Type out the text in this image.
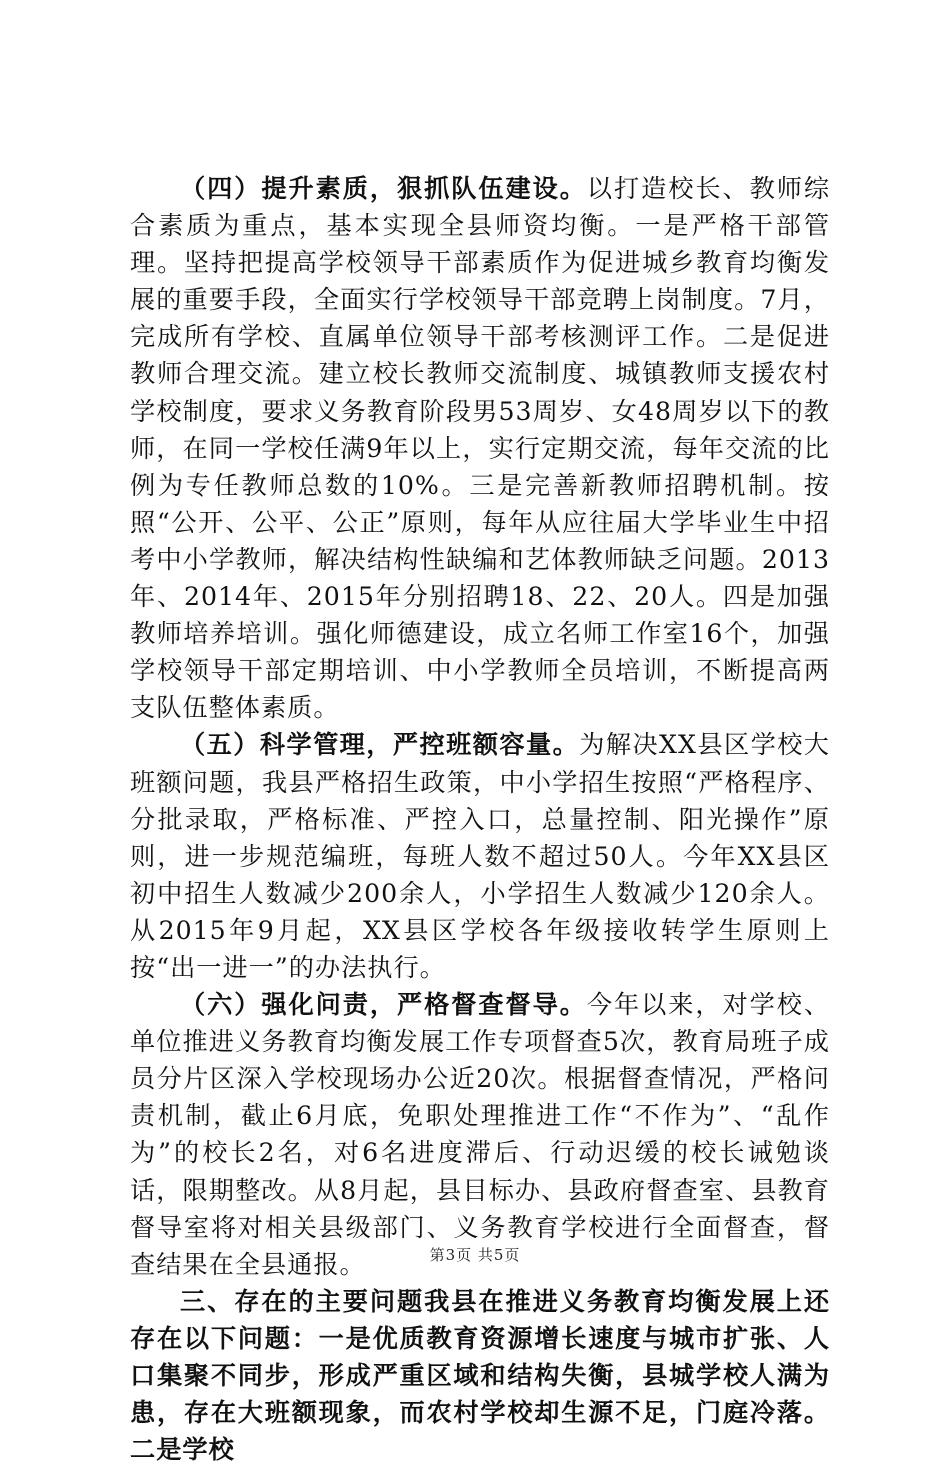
（四）提升素质，狠抓队伍建设。以打造校长、教师综合素质为重点，基本实现全县师资均衡。一是严格干部管理。坚持把提高学校领导干部素质作为促进城乡教育均衡发展的重要手段，全面实行学校领导干部竞聘上岗制度。7月，完成所有学校、直属单位领导干部考核测评工作。二是促进教师合理交流。建立校长教师交流制度、城镇教师支援农村学校制度，要求义务教育阶段男53周岁、女48周岁以下的教师，在同一学校任满9年以上，实行定期交流，每年交流的比例为专任教师总数的10%。三是完善新教师招聘机制。按照“公开、公平、公正”原则，每年从应往届大学毕业生中招考中小学教师，解决结构性缺编和艺体教师缺乏问题。2013年、2014年、2015年分别招聘18、22、20人。四是加强教师培养培训。强化师德建设，成立名师工作室16个，加强学校领导干部定期培训、中小学教师全员培训，不断提高两支队伍整体素质。

（五）科学管理，严控班额容量。为解决XX县区学校大班额问题，我县严格招生政策，中小学招生按照“严格程序、分批录取，严格标准、严控入口，总量控制、阳光操作”原则，进一步规范编班，每班人数不超过50人。今年XX县区初中招生人数减少200余人，小学招生人数减少120余人。从2015年9月起，XX县区学校各年级接收转学生原则上按“出一进一”的办法执行。

（六）强化问责，严格督查督导。今年以来，对学校、单位推进义务教育均衡发展工作专项督查5次，教育局班子成员分片区深入学校现场办公近20次。根据督查情况，严格问责机制，截止6月底，免职处理推进工作“不作为”、“乱作为”的校长2名，对6名进度滞后、行动迟缓的校长诫勉谈话，限期整改。从8月起，县目标办、县政府督查室、县教育督导室将对相关县级部门、义务教育学校进行全面督查，督查结果在全县通报。

三、存在的主要问题我县在推进义务教育均衡发展上还存在以下问题：一是优质教育资源增长速度与城市扩张、人口集聚不同步，形成严重区域和结构失衡，县城学校人满为患，存在大班额现象，而农村学校却生源不足，门庭冷落。二是学校

第3页 共5页
